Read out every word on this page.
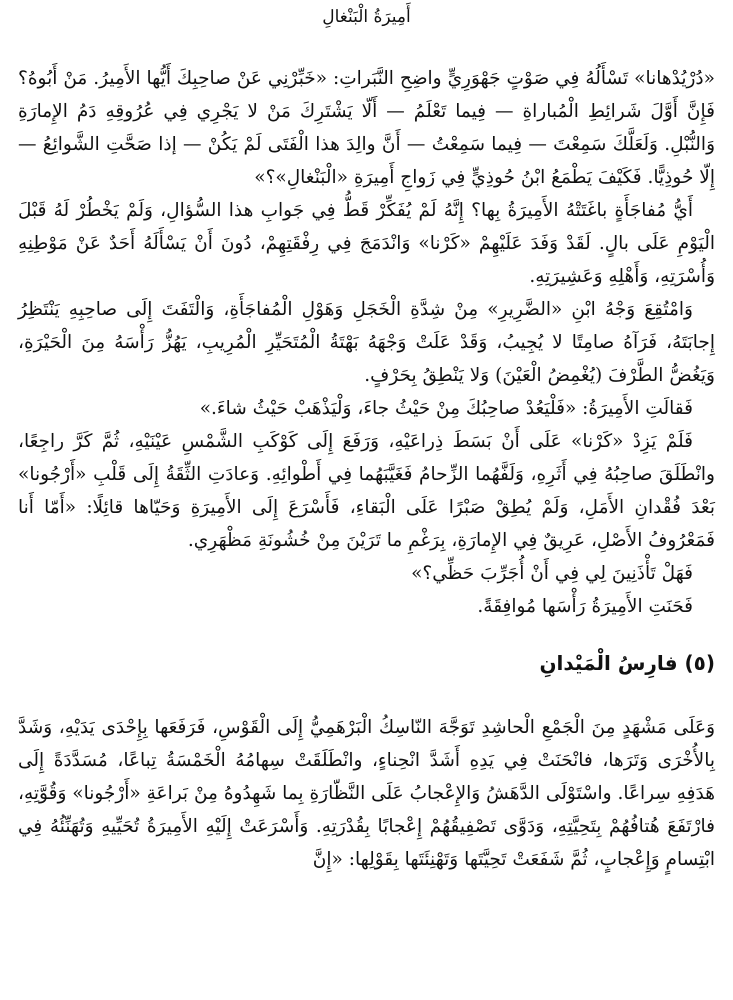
أَمِيرَةُ الْبَنْغالِ

«دُرْيُدْهانا» تَسْأَلُهُ فِي صَوْتٍ جَهْوَرِيٍّ واضِحِ النَّبَراتِ: «خَبِّرْنِي عَنْ صاحِبِكَ أَيُّها الأَمِيرُ. مَنْ أَبُوهُ؟ فَإِنَّ أَوَّلَ شَرائِطِ الْمُباراةِ — فِيما تَعْلَمُ — أَلّا يَشْتَرِكَ مَنْ لا يَجْرِي فِي عُرُوقِهِ دَمُ الإِمارَةِ وَالنُّبْلِ. وَلَعَلَّكَ سَمِعْتَ — فِيما سَمِعْتُ — أَنَّ والِدَ هذا الْفَتَى لَمْ يَكُنْ — إذا صَحَّتِ الشَّوائِعُ — إِلّا حُوذِيًّا. فَكَيْفَ يَطْمَعُ ابْنُ حُوذِيٍّ فِي زَواجِ أَمِيرَةِ «الْبَنْغالِ»؟»

أَيُّ مُفاجَأَةٍ باغَتَتْهُ الأَمِيرَةُ بِها؟ إِنَّهُ لَمْ يُفَكِّرْ قَطُّ فِي جَوابِ هذا السُّؤالِ، وَلَمْ يَخْطُرْ لَهُ قَبْلَ الْيَوْمِ عَلَى بالٍ. لَقَدْ وَفَدَ عَلَيْهِمْ «كَرْنا» وَانْدَمَجَ فِي رِفْقَتِهِمْ، دُونَ أَنْ يَسْأَلَهُ أَحَدٌ عَنْ مَوْطِنِهِ وَأُسْرَتِهِ، وَأَهْلِهِ وَعَشِيرَتِهِ.

وَامْتُقِعَ وَجْهُ ابْنِ «الضَّرِيرِ» مِنْ شِدَّةِ الْخَجَلِ وَهَوْلِ الْمُفاجَأَةِ، وَالْتَفَتَ إِلَى صاحِبِهِ يَنْتَظِرُ إِجابَتَهُ، فَرَآهُ صامِتًا لا يُجِيبُ، وَقَدْ عَلَتْ وَجْهَهُ بَهْتَةُ الْمُتَحَيِّرِ الْمُرِيبِ، يَهُزُّ رَأْسَهُ مِنَ الْحَيْرَةِ، وَيَغُضُّ الطَّرْفَ (يُغْمِضُ الْعَيْنَ) وَلا يَنْطِقُ بِحَرْفٍ.

فَقالَتِ الأَمِيرَةُ: «فَلْيَعُدْ صاحِبُكَ مِنْ حَيْثُ جاءَ، وَلْيَذْهَبْ حَيْثُ شاءَ.»

فَلَمْ يَزِدْ «كَرْنا» عَلَى أَنْ بَسَطَ ذِراعَيْهِ، وَرَفَعَ إِلَى كَوْكَبِ الشَّمْسِ عَيْنَيْهِ، ثُمَّ كَرَّ راجِعًا، وانْطَلَقَ صاحِبُهُ فِي أَثَرِهِ، وَلَفَّهُما الزِّحامُ فَغَيَّبَهُما فِي أَطْوائِهِ. وَعادَتِ الثِّقَةُ إِلَى قَلْبِ «أَرْجُونا» بَعْدَ فُقْدانِ الأَمَلِ، وَلَمْ يُطِقْ صَبْرًا عَلَى الْبَقاءِ، فَأَسْرَعَ إِلَى الأَمِيرَةِ وَحَيّاها قائِلًا: «أَمّا أَنا فَمَعْرُوفُ الأَصْلِ، عَرِيقٌ فِي الإِمارَةِ، بِرَغْمِ ما تَرَيْنَ مِنْ خُشُونَةِ مَظْهَرِي.

فَهَلْ تَأْذَنِينَ لِي فِي أَنْ أُجَرِّبَ حَظِّي؟»

فَحَنَتِ الأَمِيرَةُ رَأْسَها مُوافِقَةً.

(٥) فارِسُ الْمَيْدانِ

وَعَلَى مَشْهَدٍ مِنَ الْجَمْعِ الْحاشِدِ تَوَجَّهَ النّاسِكُ الْبَرْهَمِيُّ إِلَى الْقَوْسِ، فَرَفَعَها بِإِحْدَى يَدَيْهِ، وَشَدَّ بِالأُخْرَى وَتَرَها، فانْحَنَتْ فِي يَدِهِ أَشَدَّ انْحِناءٍ، وانْطَلَقَتْ سِهامُهُ الْخَمْسَةُ تِباعًا، مُسَدَّدَةً إِلَى هَدَفِهِ سِراعًا. واسْتَوْلَى الدَّهَشُ وَالإِعْجابُ عَلَى النَّظّارَةِ بِما شَهِدُوهُ مِنْ بَراعَةِ «أَرْجُونا» وَقُوَّتِهِ، فارْتَفَعَ هُتافُهُمْ بِتَحِيَّتِهِ، وَدَوَّى تَصْفِيقُهُمْ إِعْجابًا بِقُدْرَتِهِ. وَأَسْرَعَتْ إِلَيْهِ الأَمِيرَةُ تُحَيِّيهِ وَتُهَنِّئُهُ فِي ابْتِسامٍ وَإِعْجابٍ، ثُمَّ شَفَعَتْ تَحِيَّتَها وَتَهْنِئَتَها بِقَوْلِها: «إِنَّ
